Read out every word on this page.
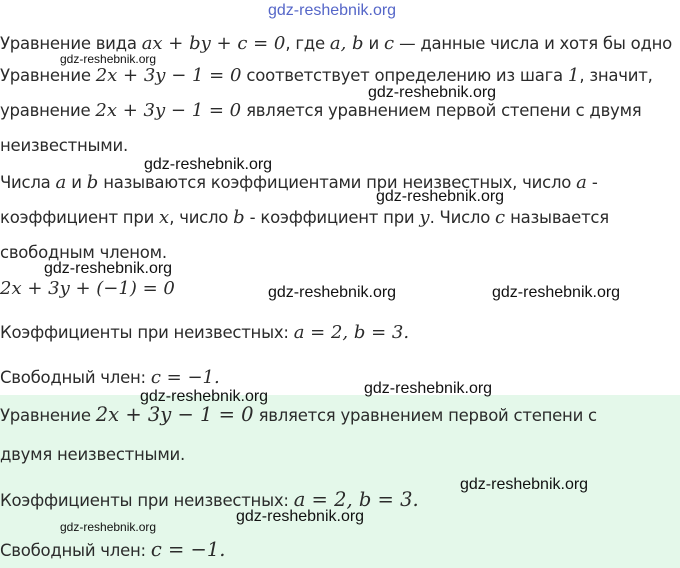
Уравнение вида ax + by + c = 0, где a, b и c — данные числа и хотя бы одно
Уравнение 2x + 3y − 1 = 0 соответствует определению из шага 1, значит,
уравнение 2x + 3y − 1 = 0 является уравнением первой степени с двумя
неизвестными.
Числа a и b называются коэффициентами при неизвестных, число a -
коэффициент при x, число b - коэффициент при y. Число c называется
свободным членом.
2x + 3y + (−1) = 0
Коэффициенты при неизвестных: a = 2, b = 3.
Свободный член: c = −1.
Уравнение 2x + 3y − 1 = 0 является уравнением первой степени с
двумя неизвестными.
Коэффициенты при неизвестных: a = 2, b = 3.
Свободный член: c = −1.
gdz-reshebnik.org
gdz-reshebnik.org
gdz-reshebnik.org
gdz-reshebnik.org
gdz-reshebnik.org
gdz-reshebnik.org
gdz-reshebnik.org	gdz-reshebnik.org
gdz-reshebnik.org
gdz-reshebnik.org
gdz-reshebnik.org
gdz-reshebnik.org
gdz-reshebnik.org
